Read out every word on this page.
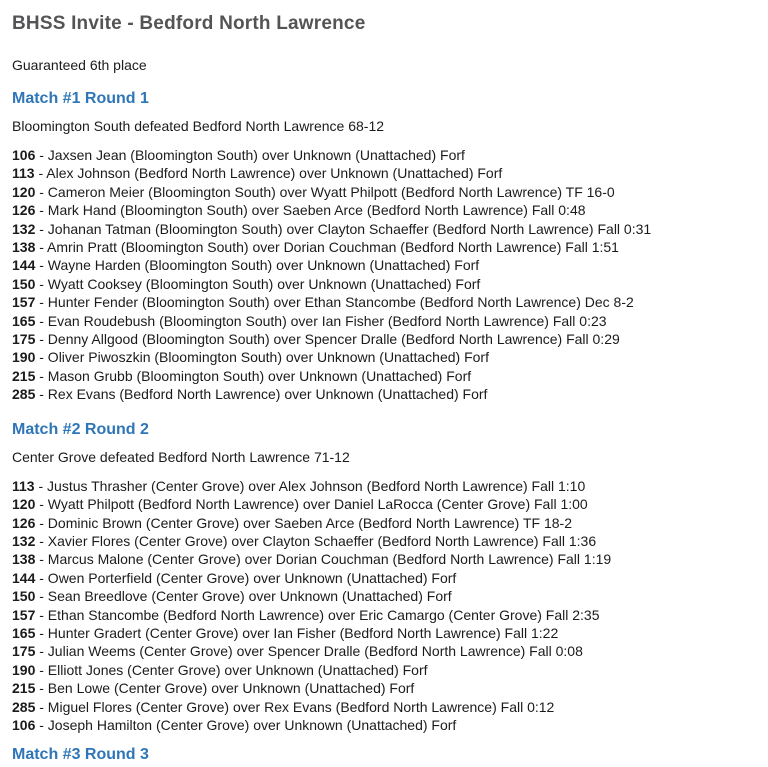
BHSS Invite - Bedford North Lawrence

Guaranteed 6th place

Match #1 Round 1

Bloomington South defeated Bedford North Lawrence 68-12

106 - Jaxsen Jean (Bloomington South) over Unknown (Unattached) Forf
113 - Alex Johnson (Bedford North Lawrence) over Unknown (Unattached) Forf
120 - Cameron Meier (Bloomington South) over Wyatt Philpott (Bedford North Lawrence) TF 16-0
126 - Mark Hand (Bloomington South) over Saeben Arce (Bedford North Lawrence) Fall 0:48
132 - Johanan Tatman (Bloomington South) over Clayton Schaeffer (Bedford North Lawrence) Fall 0:31
138 - Amrin Pratt (Bloomington South) over Dorian Couchman (Bedford North Lawrence) Fall 1:51
144 - Wayne Harden (Bloomington South) over Unknown (Unattached) Forf
150 - Wyatt Cooksey (Bloomington South) over Unknown (Unattached) Forf
157 - Hunter Fender (Bloomington South) over Ethan Stancombe (Bedford North Lawrence) Dec 8-2
165 - Evan Roudebush (Bloomington South) over Ian Fisher (Bedford North Lawrence) Fall 0:23
175 - Denny Allgood (Bloomington South) over Spencer Dralle (Bedford North Lawrence) Fall 0:29
190 - Oliver Piwoszkin (Bloomington South) over Unknown (Unattached) Forf
215 - Mason Grubb (Bloomington South) over Unknown (Unattached) Forf
285 - Rex Evans (Bedford North Lawrence) over Unknown (Unattached) Forf

Match #2 Round 2

Center Grove defeated Bedford North Lawrence 71-12

113 - Justus Thrasher (Center Grove) over Alex Johnson (Bedford North Lawrence) Fall 1:10
120 - Wyatt Philpott (Bedford North Lawrence) over Daniel LaRocca (Center Grove) Fall 1:00
126 - Dominic Brown (Center Grove) over Saeben Arce (Bedford North Lawrence) TF 18-2
132 - Xavier Flores (Center Grove) over Clayton Schaeffer (Bedford North Lawrence) Fall 1:36
138 - Marcus Malone (Center Grove) over Dorian Couchman (Bedford North Lawrence) Fall 1:19
144 - Owen Porterfield (Center Grove) over Unknown (Unattached) Forf
150 - Sean Breedlove (Center Grove) over Unknown (Unattached) Forf
157 - Ethan Stancombe (Bedford North Lawrence) over Eric Camargo (Center Grove) Fall 2:35
165 - Hunter Gradert (Center Grove) over Ian Fisher (Bedford North Lawrence) Fall 1:22
175 - Julian Weems (Center Grove) over Spencer Dralle (Bedford North Lawrence) Fall 0:08
190 - Elliott Jones (Center Grove) over Unknown (Unattached) Forf
215 - Ben Lowe (Center Grove) over Unknown (Unattached) Forf
285 - Miguel Flores (Center Grove) over Rex Evans (Bedford North Lawrence) Fall 0:12
106 - Joseph Hamilton (Center Grove) over Unknown (Unattached) Forf

Match #3 Round 3
